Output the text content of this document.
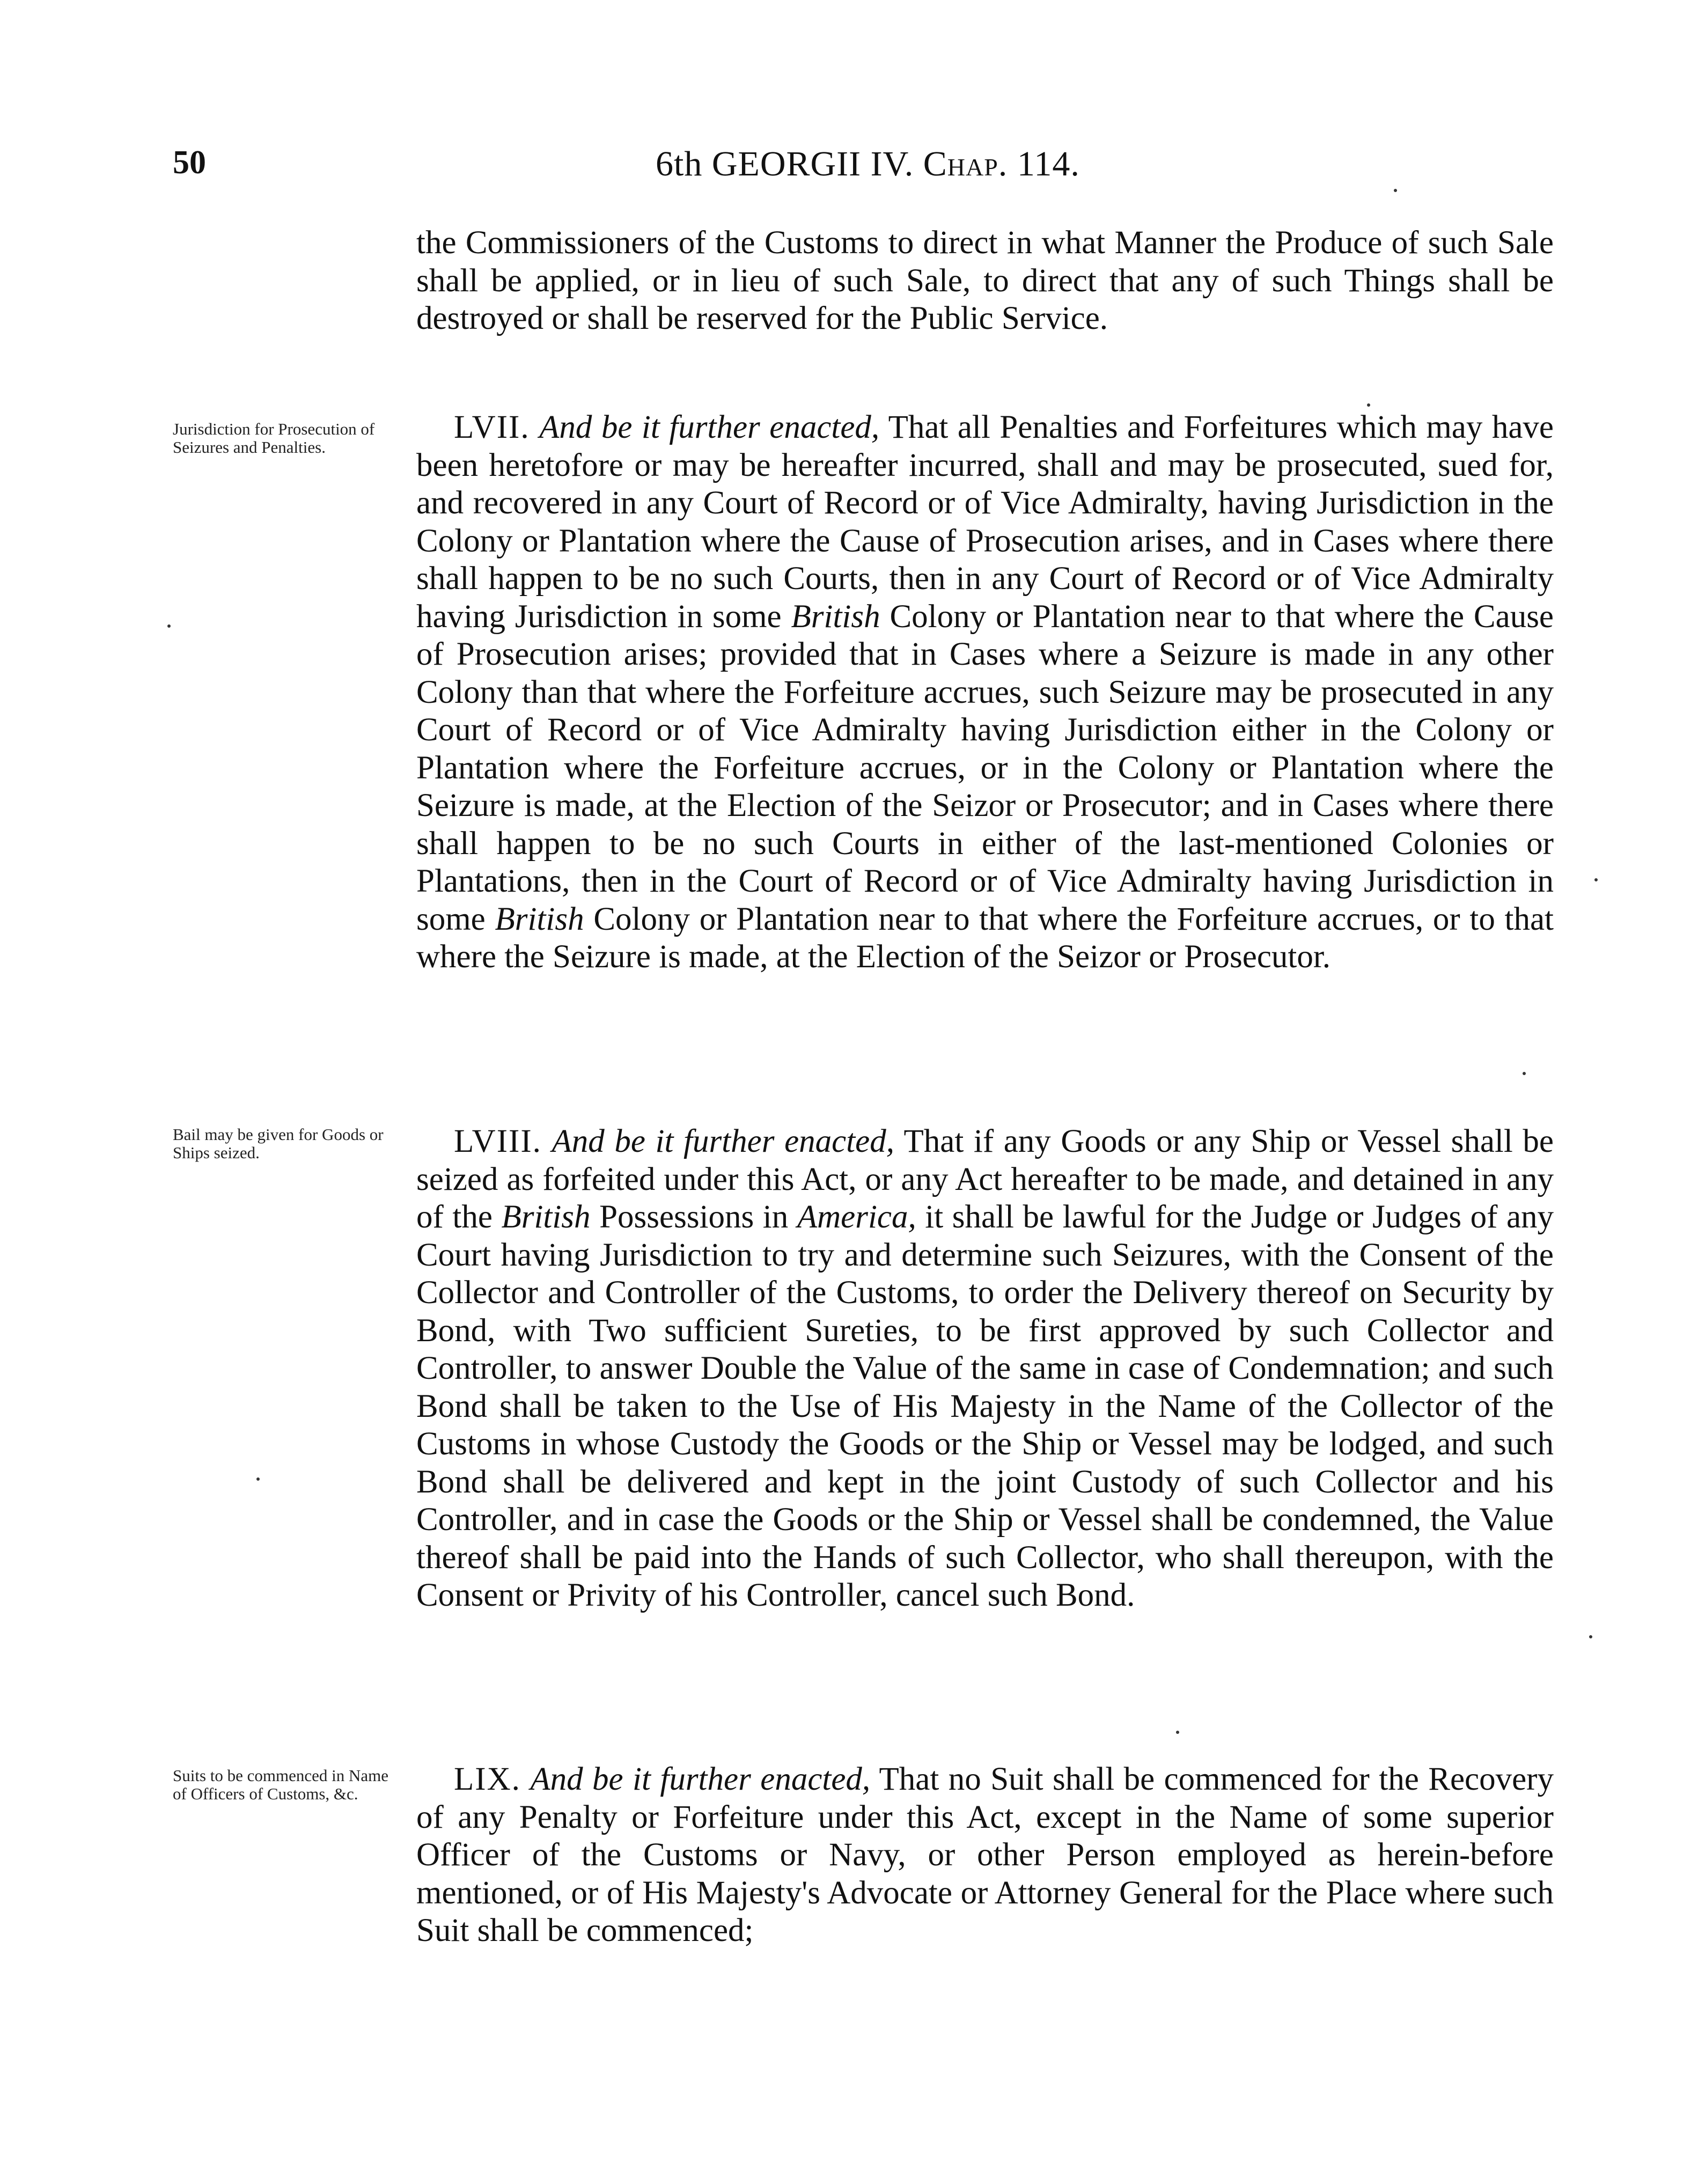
50	6th GEORGII IV. Chap. 114.

the Commissioners of the Customs to direct in what Manner the Produce of such Sale shall be applied, or in lieu of such Sale, to direct that any of such Things shall be destroyed or shall be reserved for the Public Service.

Jurisdiction for Prosecution of Seizures and Penalties.

LVII. And be it further enacted, That all Penalties and Forfeitures which may have been heretofore or may be hereafter incurred, shall and may be prosecuted, sued for, and recovered in any Court of Record or of Vice Admiralty, having Jurisdiction in the Colony or Plantation where the Cause of Prosecution arises, and in Cases where there shall happen to be no such Courts, then in any Court of Record or of Vice Admiralty having Jurisdiction in some British Colony or Plantation near to that where the Cause of Prosecution arises; provided that in Cases where a Seizure is made in any other Colony than that where the Forfeiture accrues, such Seizure may be prosecuted in any Court of Record or of Vice Admiralty having Jurisdiction either in the Colony or Plantation where the Forfeiture accrues, or in the Colony or Plantation where the Seizure is made, at the Election of the Seizor or Prosecutor; and in Cases where there shall happen to be no such Courts in either of the last-mentioned Colonies or Plantations, then in the Court of Record or of Vice Admiralty having Jurisdiction in some British Colony or Plantation near to that where the Forfeiture accrues, or to that where the Seizure is made, at the Election of the Seizor or Prosecutor.

Bail may be given for Goods or Ships seized.	LVIII. And be it further enacted, That if any Goods or any Ship or Vessel shall be seized as forfeited under this Act, or any Act hereafter to be made, and detained in any of the British Possessions in America, it shall be lawful for the Judge or Judges of any Court having Jurisdiction to try and determine such Seizures, with the Consent of the Collector and Controller of the Customs, to order the Delivery thereof on Security by Bond, with Two sufficient Sureties, to be first approved by such Collector and Controller, to answer Double the Value of the same in case of Condemnation; and such Bond shall be taken to the Use of His Majesty in the Name of the Collector of the Customs in whose Custody the Goods or the Ship or Vessel may be lodged, and such Bond shall be delivered and kept in the joint Custody of such Collector and his Controller, and in case the Goods or the Ship or Vessel shall be condemned, the Value thereof shall be paid into the Hands of such Collector, who shall thereupon, with the Consent or Privity of his Controller, cancel such Bond.

Suits to be commenced in Name of Officers of Customs, &c.	LIX. And be it further enacted, That no Suit shall be commenced for the Recovery of any Penalty or Forfeiture under this Act, except in the Name of some superior Officer of the Customs or Navy, or other Person employed as herein-before mentioned, or of His Majesty's Advocate or Attorney General for the Place where such Suit shall be commenced;
